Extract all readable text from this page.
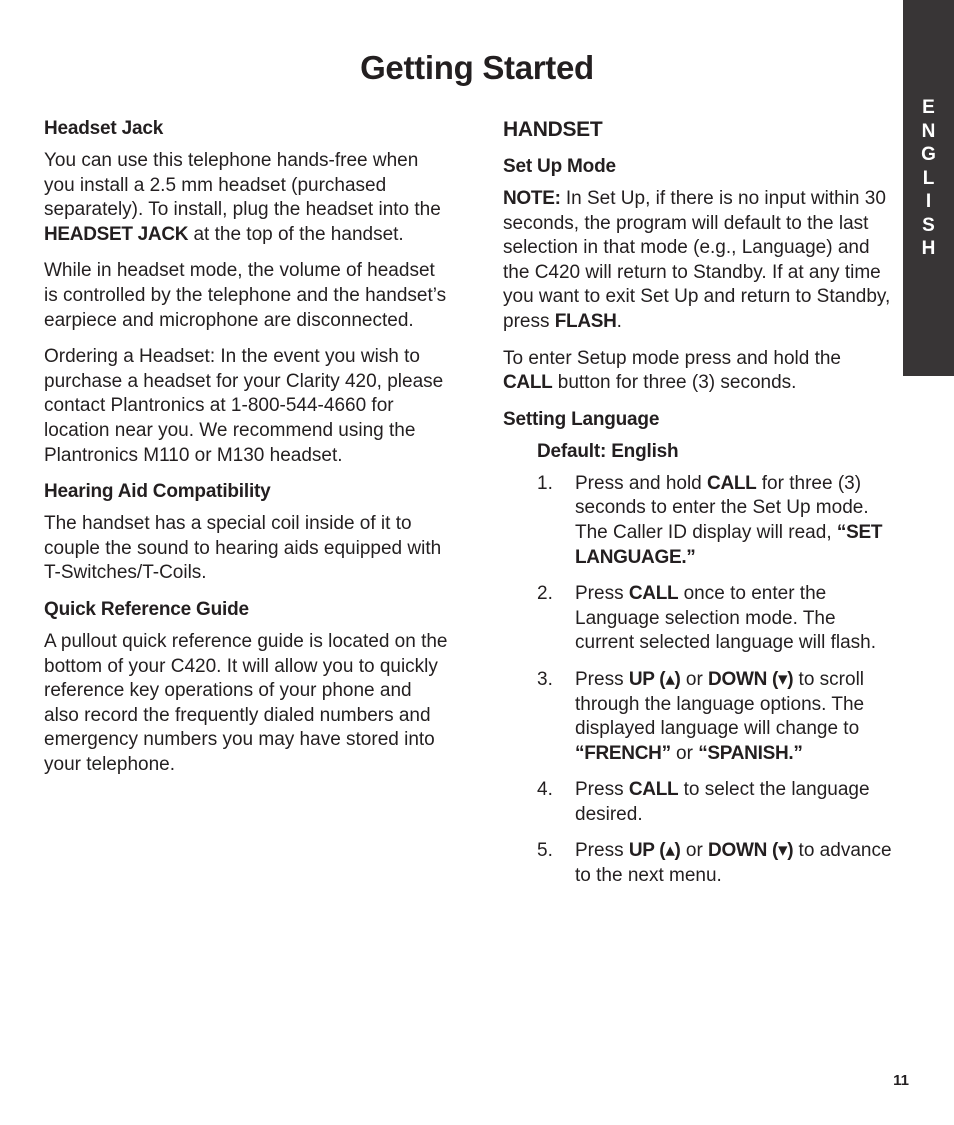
E
N
G
L
I
S
H
Getting Started
Headset Jack

You can use this telephone hands-free when you install a 2.5 mm headset (purchased separately). To install, plug the headset into the HEADSET JACK at the top of the handset.

While in headset mode, the volume of headset is controlled by the telephone and the handset’s earpiece and microphone are disconnected.

Ordering a Headset: In the event you wish to purchase a headset for your Clarity 420, please contact Plantronics at 1-800-544-4660 for location near you. We recommend using the Plantronics M110 or M130 headset.

Hearing Aid Compatibility

The handset has a special coil inside of it to couple the sound to hearing aids equipped with T-Switches/T-Coils.

Quick Reference Guide

A pullout quick reference guide is located on the bottom of your C420. It will allow you to quickly reference key operations of your phone and also record the frequently dialed numbers and emergency numbers you may have stored into your telephone.

HANDSET
Set Up Mode

NOTE: In Set Up, if there is no input within 30 seconds, the program will default to the last selection in that mode (e.g., Language) and the C420 will return to Standby. If at any time you want to exit Set Up and return to Standby, press FLASH.

To enter Setup mode press and hold the CALL button for three (3) seconds.

Setting Language
Default: English
1.	Press and hold CALL for three (3) seconds to enter the Set Up mode. The Caller ID display will read, “SET LANGUAGE.”
2.	Press CALL once to enter the Language selection mode. The current selected language will flash.
3.	Press UP (▴) or DOWN (▾) to scroll through the language options. The displayed language will change to “FRENCH” or “SPANISH.”
4.	Press CALL to select the language desired.
5.	Press UP (▴) or DOWN (▾) to advance to the next menu.
11
